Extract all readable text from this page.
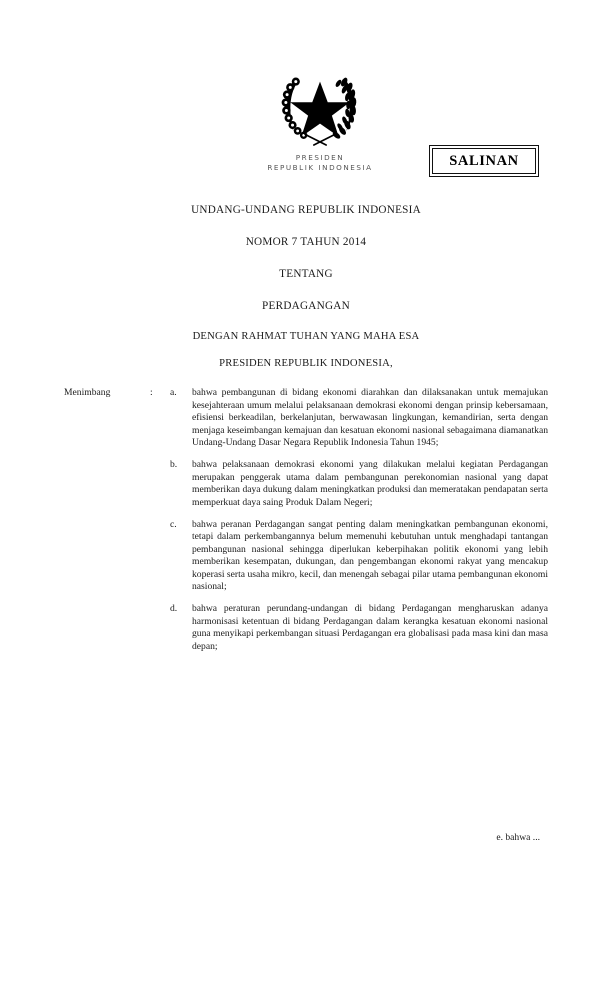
PRESIDEN
REPUBLIK INDONESIA	SALINAN
UNDANG-UNDANG REPUBLIK INDONESIA
NOMOR 7 TAHUN 2014
TENTANG
PERDAGANGAN
DENGAN RAHMAT TUHAN YANG MAHA ESA
PRESIDEN REPUBLIK INDONESIA,
Menimbang	:	a.	bahwa pembangunan di bidang ekonomi diarahkan dan dilaksanakan untuk memajukan kesejahteraan umum melalui pelaksanaan demokrasi ekonomi dengan prinsip kebersamaan, efisiensi berkeadilan, berkelanjutan, berwawasan lingkungan, kemandirian, serta dengan menjaga keseimbangan kemajuan dan kesatuan ekonomi nasional sebagaimana diamanatkan Undang-Undang Dasar Negara Republik Indonesia Tahun 1945;
b.	bahwa pelaksanaan demokrasi ekonomi yang dilakukan melalui kegiatan Perdagangan merupakan penggerak utama dalam pembangunan perekonomian nasional yang dapat memberikan daya dukung dalam meningkatkan produksi dan memeratakan pendapatan serta memperkuat daya saing Produk Dalam Negeri;
c.	bahwa peranan Perdagangan sangat penting dalam meningkatkan pembangunan ekonomi, tetapi dalam perkembangannya belum memenuhi kebutuhan untuk menghadapi tantangan pembangunan nasional sehingga diperlukan keberpihakan politik ekonomi yang lebih memberikan kesempatan, dukungan, dan pengembangan ekonomi rakyat yang mencakup koperasi serta usaha mikro, kecil, dan menengah sebagai pilar utama pembangunan ekonomi nasional;
d.	bahwa peraturan perundang-undangan di bidang Perdagangan mengharuskan adanya harmonisasi ketentuan di bidang Perdagangan dalam kerangka kesatuan ekonomi nasional guna menyikapi perkembangan situasi Perdagangan era globalisasi pada masa kini dan masa depan;
e. bahwa ...
